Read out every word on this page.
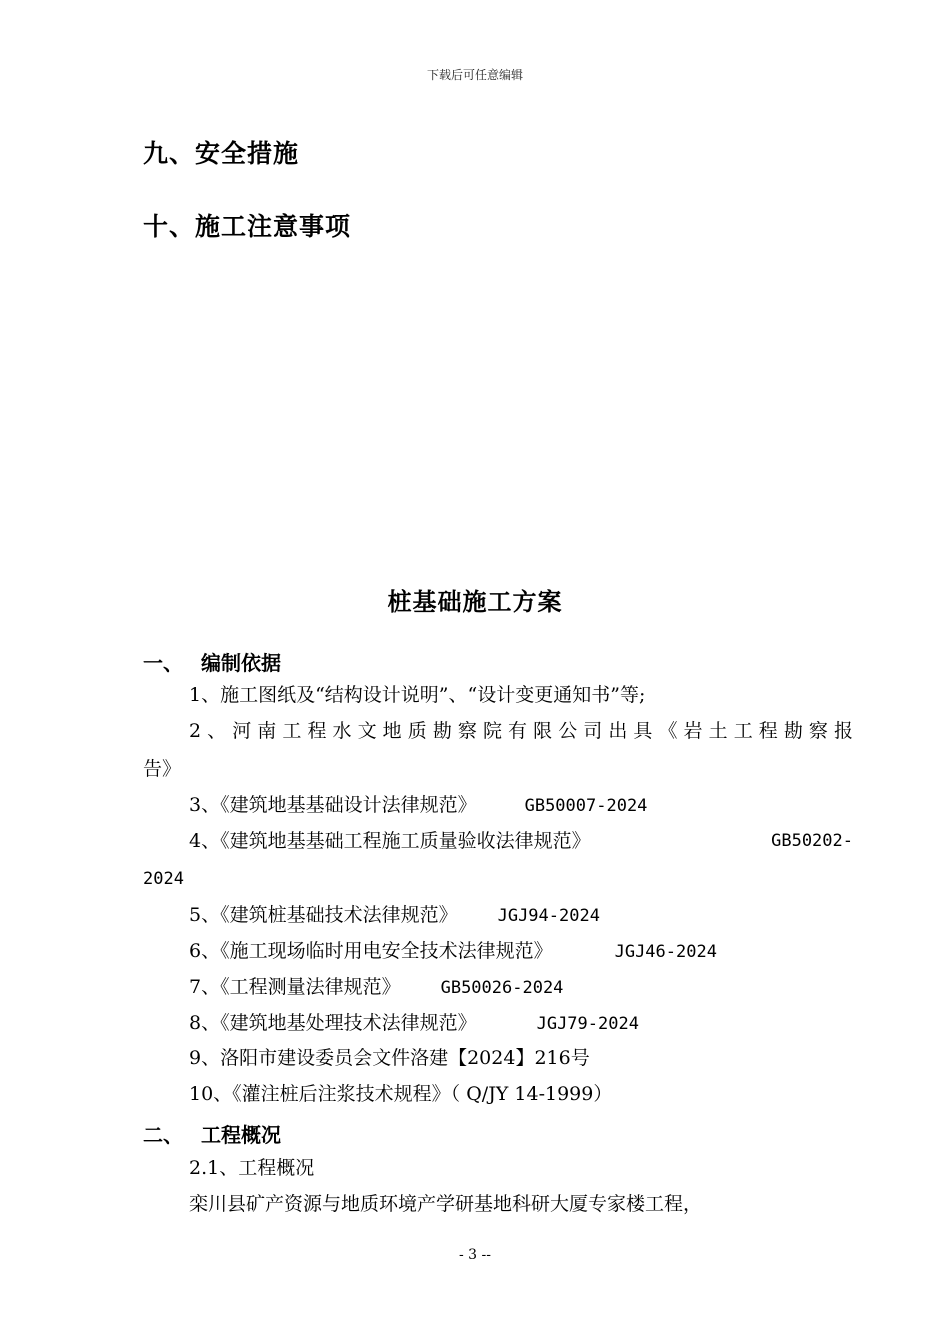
下载后可任意编辑
九、安全措施
十、施工注意事项
桩基础施工方案
一、 编制依据

1、施工图纸及“结构设计说明”、“设计变更通知书”等;

2、河南工程水文地质勘察院有限公司出具《岩土工程勘察报

告》

3、《建筑地基基础设计法律规范》	GB50007-2024

4、《建筑地基基础工程施工质量验收法律规范》	GB50202-

2024

5、《建筑桩基础技术法律规范》 JGJ94-2024

6、《施工现场临时用电安全技术法律规范》	JGJ46-2024

7、《工程测量法律规范》 GB50026-2024

8、《建筑地基处理技术法律规范》	JGJ79-2024

9、洛阳市建设委员会文件洛建【2024】216号

10、《灌注桩后注浆技术规程》（ Q/JY 14-1999）

二、 工程概况

2.1、工程概况

栾川县矿产资源与地质环境产学研基地科研大厦专家楼工程，

- 3 --
